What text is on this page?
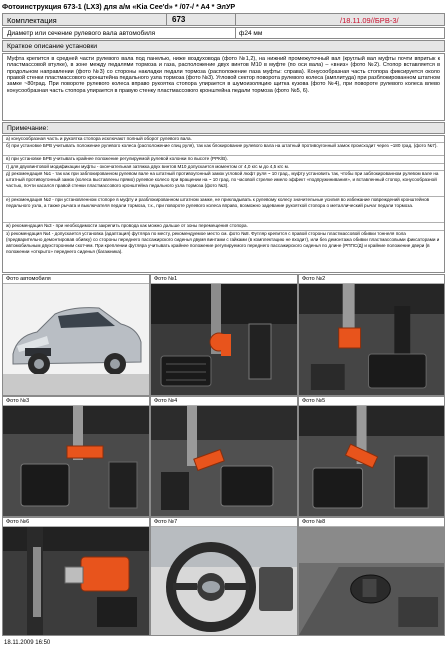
Фотоинструкция 673-1 (LX3) для а/м «Kia Cee'd» * /07-/ * A4 * ЭлУР
Комплектация	673	/18.11.09//БРВ-3/
Диаметр или сечение рулевого вала автомобиля	ф24 мм
Краткое описание установки
Муфта крепится в средней части рулевого вала под панелью, ниже воздуховода (фото №1,2), на нижний промежуточный вал (круглый вал муфты почти впритык к пластмассовой втулке), в зоне между педалями тормоза и газа, расположение двух винтов М10 в муфте (по оси вала) – «вниз» (фото №2). Стопор вставляется в продольном направлении (фото №3) со стороны накладки педали тормоза (расположение паза муфты: справа). Конусообразная часть стопора фиксируется около правой стенки пластмассового кронштейна педального узла тормоза (фото №3). Угловой сектор поворота рулевого колеса (амплитуда) при разблокированном штатном замке ~80град. При повороте рулевого колеса вправо рукоятка стопора упирается в шумоизоляцию щитка кузова (фото №4), при повороте рулевого колеса влево конусообразная часть стопора упирается в правую стенку пластмассового кронштейна педали тормоза (фото №5, 6).
Примечание:
а) конусообразная часть и рукоятка стопора исключают полный оборот рулевого вала.
б) при установке БРВ учитывать положение рулевого колеса (расположение спиц руля), так как блокирование рулевого вала на штатный противоугонный замок происходит через ~180 град. (фото №7).
в) при установке БРВ учитывать крайнее положение регулируемой рулевой колонки по высоте (РРК/В).
г) для двухвинтовой модификации муфты - окончательная затяжка двух винтов М10 допускается моментом от 4,0 кгс м до 4,5 кгс м.
д) рекомендация №1 - так как при заблокированном рулевом вале на штатный противоугонный замок угловой люфт руля ~ 10 град., муфту установить так, чтобы при заблокированном рулевом вале на штатный противоугонный замок (колеса выставлены прямо) рулевое колесо при вращении на ~ 10 град. по часовой стрелке имело эффект «подпружинивания», и вставленный стопор, конусообразной частью, почти касался правой стенки пластмассового кронштейна педального узла тормоза (фото №3).
е) рекомендация №2 - при установленном стопоре в муфту и разблокированном штатном замке, не прикладывать к рулевому колесу значительные усилия во избежание повреждений кронштейнов педального узла, а также рычага и выключателя педали тормоза, т.к., при повороте рулевого колеса вправо, возможно задевание рукояткой стопора о металлический рычаг педали тормоза.
ж) рекомендация №3 - при необходимости закрепить провода как можно дальше от зоны перемещения стопора.
з) рекомендация №4 - допускается установка (адаптация) футляра по месту, рекомендуемое место см. фото №8. Футляр крепится с правой стороны пластмассовой обивки тоннеля пола (предварительно демонтировав обивку) со стороны переднего пассажирского сиденья двумя винтами с гайками (в комплектацию не входит), или без демонтажа обивки пластмассовыми фиксаторами и автомобильным двухсторонним скотчем. При креплении футляра учитывать крайнее положение регулируемого переднего пассажирского сиденья по длине (РППС/Д) и крайние положение двери (в положении «открыто» переднего сиденья (багажника).
Фото автомобиля	Фото №1	Фото №2
Фото №3	Фото №4	Фото №5
Фото №6	Фото №7	Фото №8
18.11.2009 16:50
